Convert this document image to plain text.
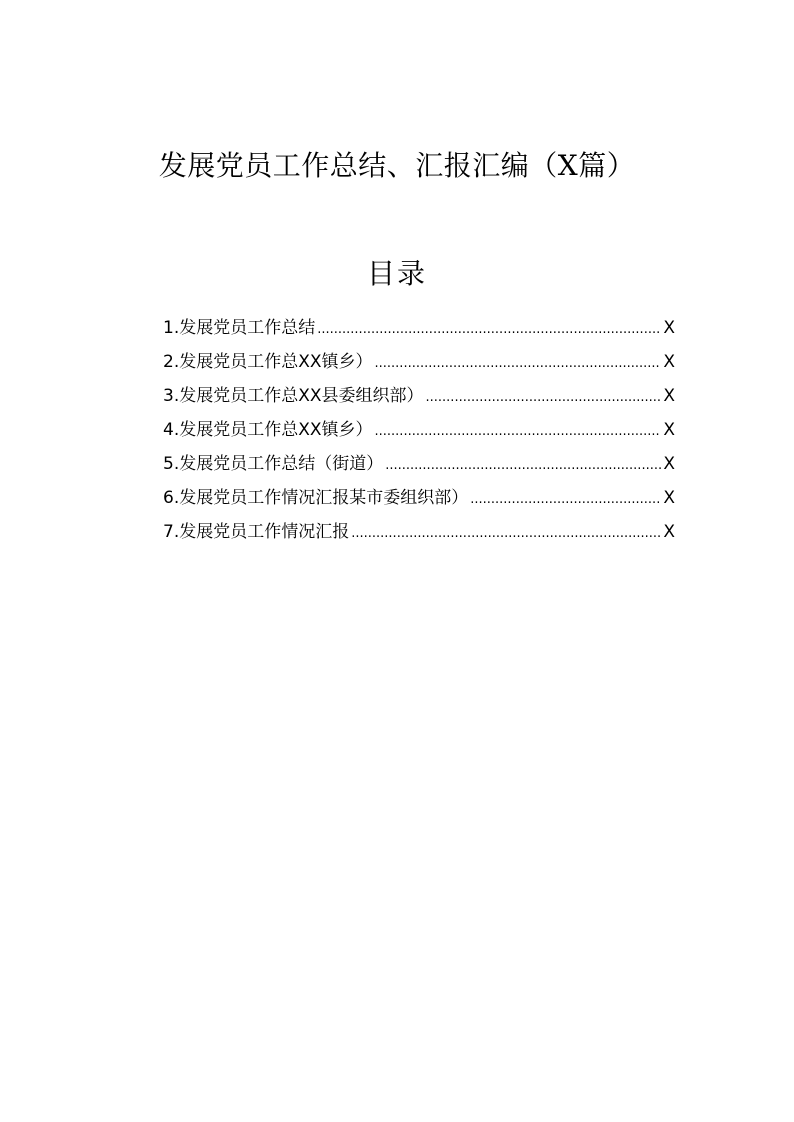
发展党员工作总结、汇报汇编（X篇）
目录
1.发展党员工作总结 .....	X
2.发展党员工作总XX镇乡） .....	X
3.发展党员工作总XX县委组织部） .....	X
4.发展党员工作总XX镇乡） .....	X
5.发展党员工作总结（街道） .....	X
6.发展党员工作情况汇报某市委组织部） .....	X
7.发展党员工作情况汇报 .....	X
